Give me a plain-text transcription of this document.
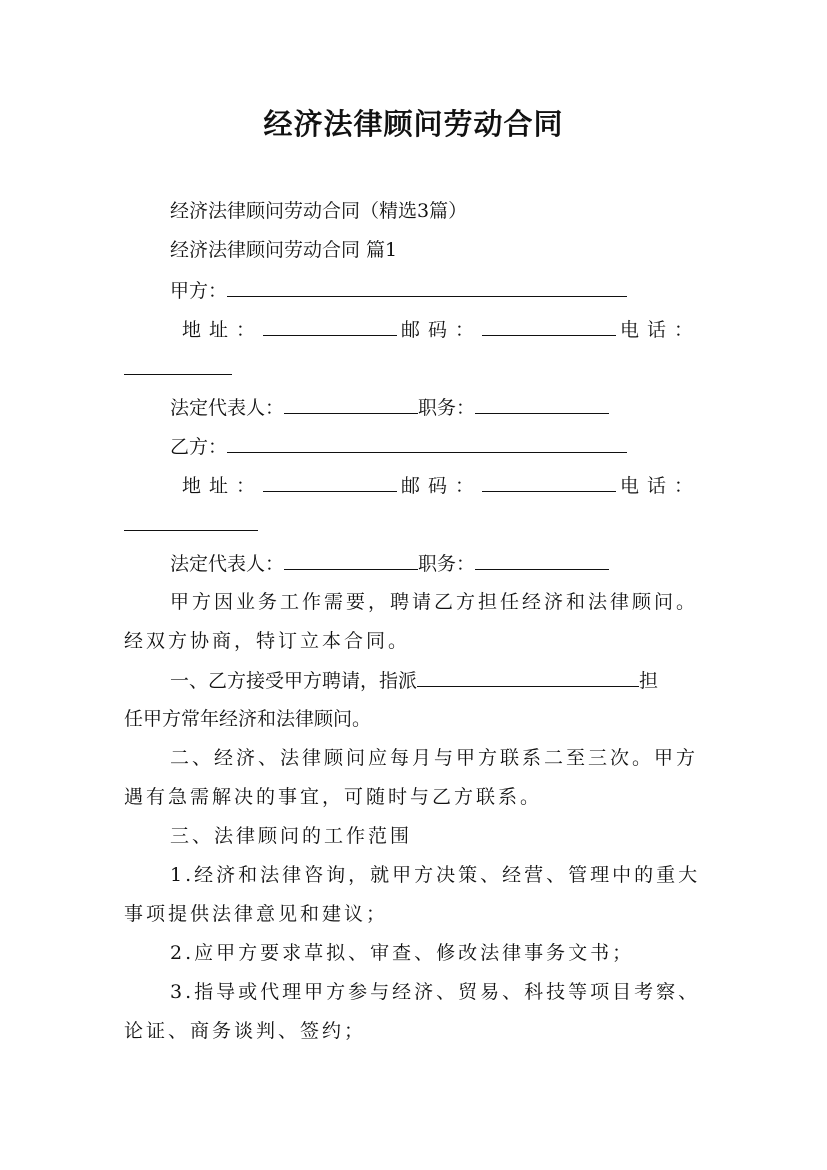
经济法律顾问劳动合同
经济法律顾问劳动合同（精选3篇）
经济法律顾问劳动合同 篇1
甲方：
地址：	邮码：	电话：
法定代表人：	职务：
乙方：
地址：	邮码：	电话：
法定代表人：	职务：
甲方因业务工作需要，聘请乙方担任经济和法律顾问。
经双方协商，特订立本合同。
一、乙方接受甲方聘请，指派	担
任甲方常年经济和法律顾问。
二、经济、法律顾问应每月与甲方联系二至三次。甲方
遇有急需解决的事宜，可随时与乙方联系。
三、法律顾问的工作范围
1.经济和法律咨询，就甲方决策、经营、管理中的重大
事项提供法律意见和建议；
2.应甲方要求草拟、审查、修改法律事务文书；
3.指导或代理甲方参与经济、贸易、科技等项目考察、
论证、商务谈判、签约；
